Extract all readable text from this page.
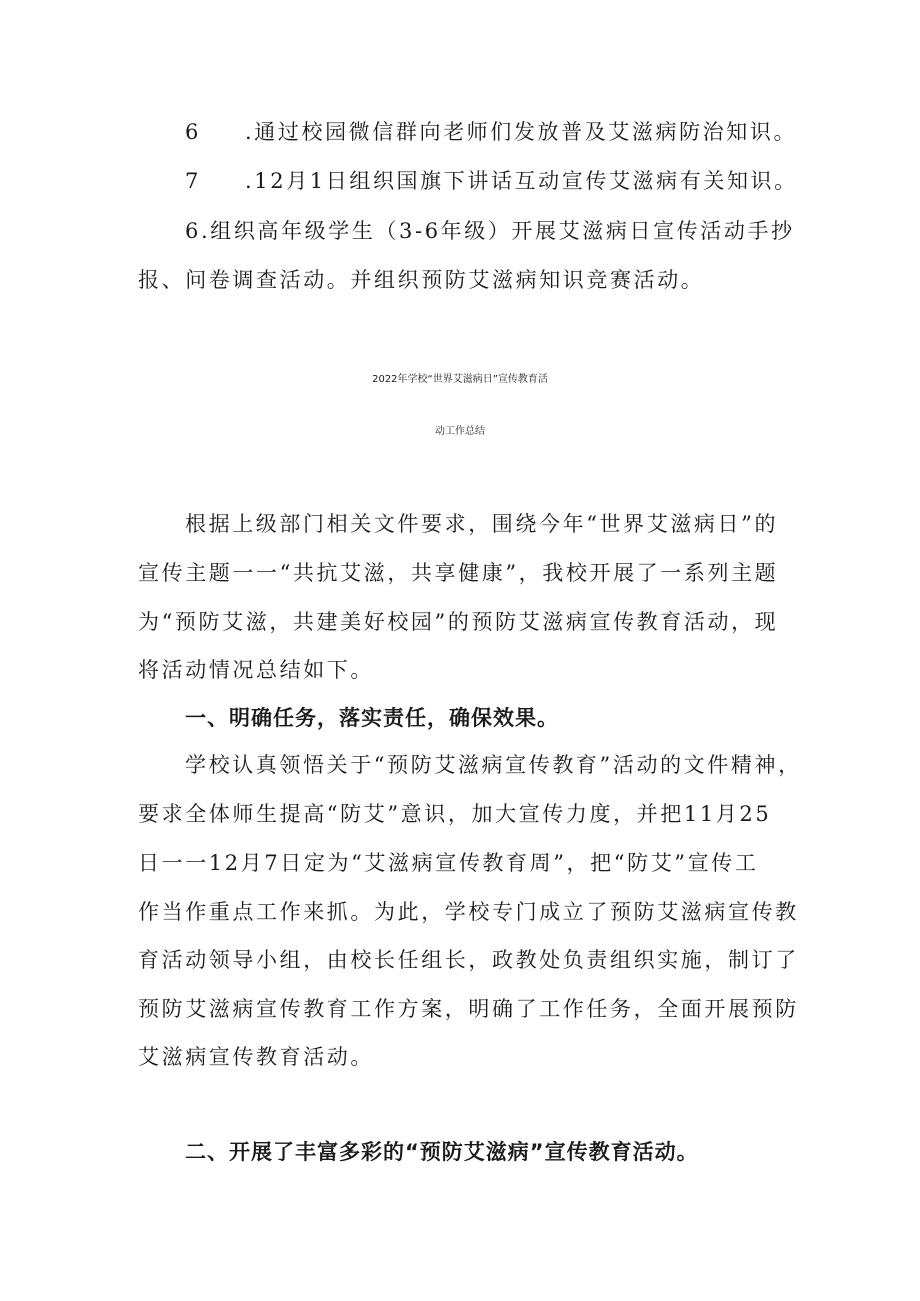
6 .通过校园微信群向老师们发放普及艾滋病防治知识。
7 .12月1日组织国旗下讲话互动宣传艾滋病有关知识。
6.组织高年级学生（3-6年级）开展艾滋病日宣传活动手抄
报、问卷调查活动。并组织预防艾滋病知识竞赛活动。
2022年学校“世界艾滋病日”宣传教育活
动工作总结
根据上级部门相关文件要求，围绕今年“世界艾滋病日”的
宣传主题一一“共抗艾滋，共享健康”，我校开展了一系列主题
为“预防艾滋，共建美好校园”的预防艾滋病宣传教育活动，现
将活动情况总结如下。
一、明确任务，落实责任，确保效果。
学校认真领悟关于“预防艾滋病宣传教育”活动的文件精神，
要求全体师生提高“防艾”意识，加大宣传力度，并把11月25
日一一12月7日定为“艾滋病宣传教育周”，把“防艾”宣传工
作当作重点工作来抓。为此，学校专门成立了预防艾滋病宣传教
育活动领导小组，由校长任组长，政教处负责组织实施，制订了
预防艾滋病宣传教育工作方案，明确了工作任务，全面开展预防
艾滋病宣传教育活动。
二、开展了丰富多彩的“预防艾滋病”宣传教育活动。
